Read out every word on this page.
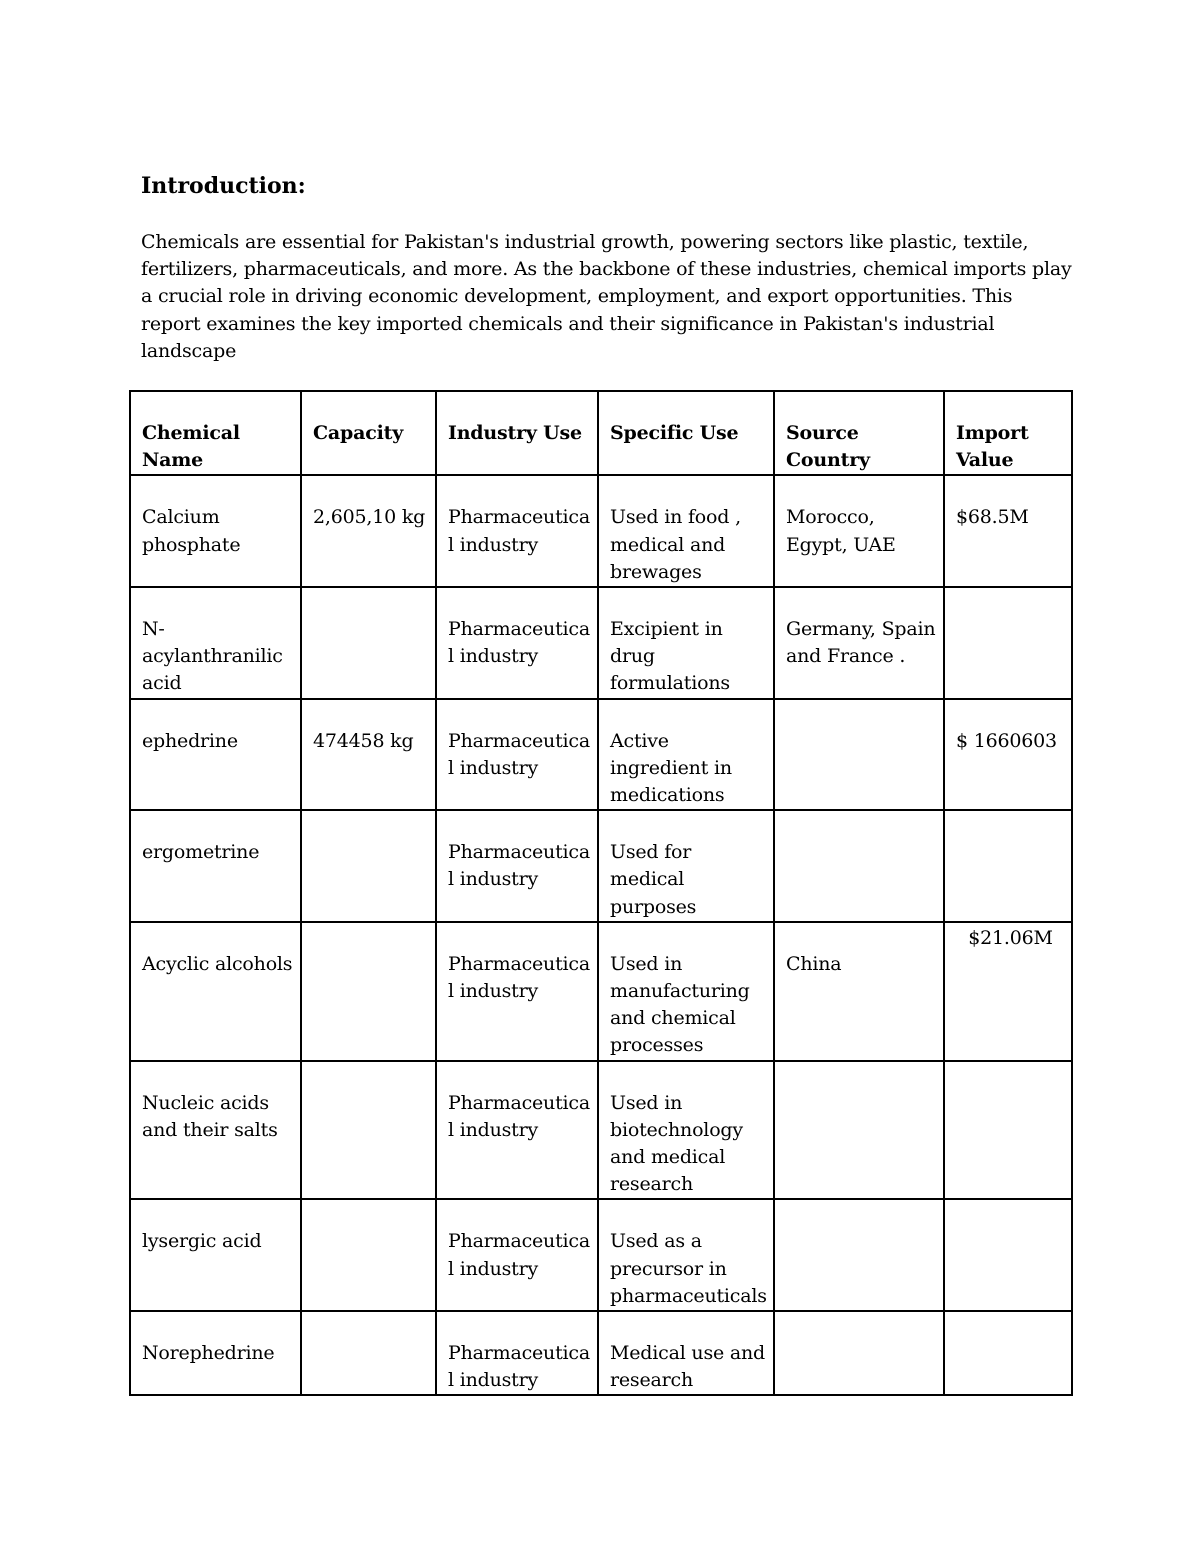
Introduction:

Chemicals are essential for Pakistan's industrial growth, powering sectors like plastic, textile, fertilizers, pharmaceuticals, and more. As the backbone of these industries, chemical imports play a crucial role in driving economic development, employment, and export opportunities. This report examines the key imported chemicals and their significance in Pakistan's industrial landscape

Chemical Name	Capacity	Industry Use	Specific Use	Source Country	Import Value
Calcium phosphate	2,605,10 kg	Pharmaceutical industry	Used in food , medical and brewages	Morocco, Egypt, UAE	$68.5M
N-acylanthranilic acid		Pharmaceutical industry	Excipient in drug formulations	Germany, Spain and France .	
ephedrine	474458 kg	Pharmaceutical industry	Active ingredient in medications		$ 1660603
ergometrine		Pharmaceutical industry	Used for medical purposes		
Acyclic alcohols		Pharmaceutical industry	Used in manufacturing and chemical processes	China	$21.06M
Nucleic acids and their salts		Pharmaceutical industry	Used in biotechnology and medical research		
lysergic acid		Pharmaceutical industry	Used as a precursor in pharmaceuticals		
Norephedrine		Pharmaceutical industry	Medical use and research		
